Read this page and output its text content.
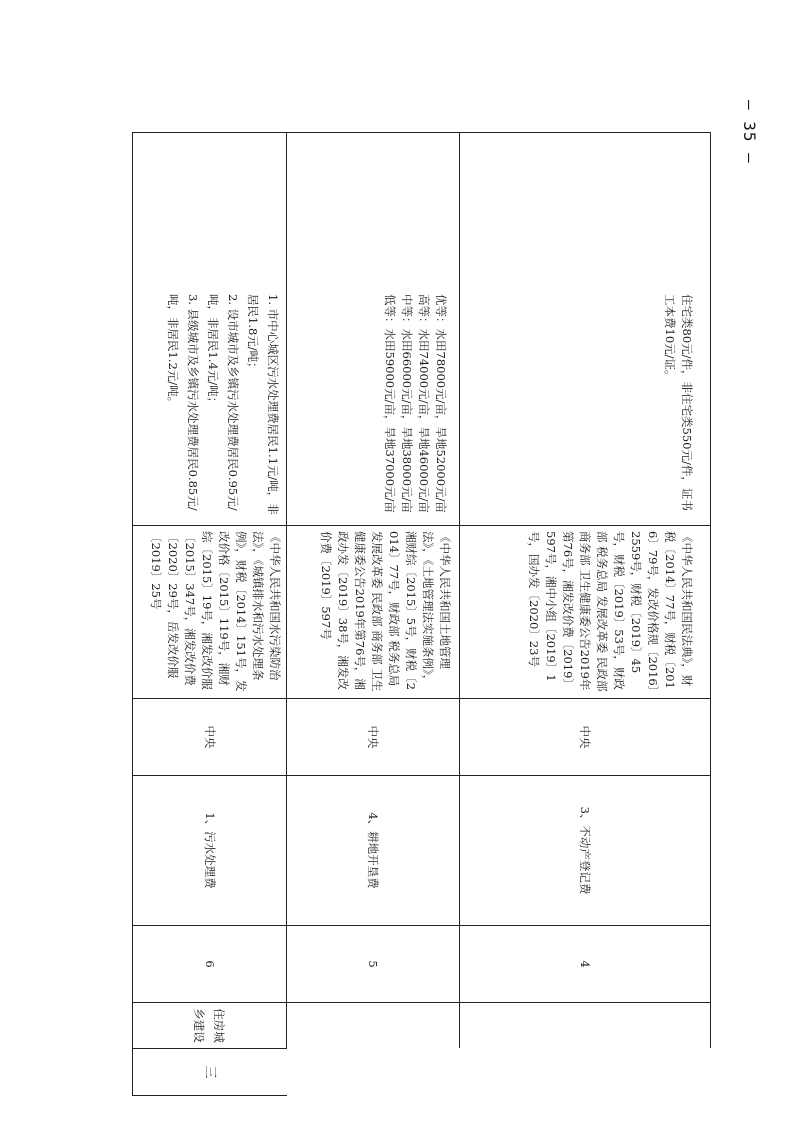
— 35 —
三
住房城乡建设
4
3、不动产登记费
中央
《中华人民共和国民法典》，财税〔2014〕77号，财税〔2016〕79号，发改价格规〔2016〕2559号，财税〔2019〕45号，财税〔2019〕53号，财政部 税务总局 发展改革委 民政部 商务部 卫生健康委公告2019年第76号，湘发改价费〔2019〕597号，湘中小组〔2019〕1号，国办发〔2020〕23号
住宅类80元/件，非住宅类550元/件，证书工本费10元/证。
5
4、耕地开垦费
中央
《中华人民共和国土地管理法》，《土地管理法实施条例》，湘财综〔2015〕5号，财税〔2014〕77号，财政部 税务总局 发展改革委 民政部 商务部 卫生健康委公告2019年第76号，湘政办发〔2019〕38号，湘发改价费〔2019〕597号
优等：水田78000元/亩，旱地52000元/亩
高等：水田74000元/亩，旱地46000元/亩
中等：水田66000元/亩，旱地38000元/亩
低等：水田59000元/亩，旱地37000元/亩
6
1、污水处理费
中央
《中华人民共和国水污染防治法》，《城镇排水和污水处理条例》，财税〔2014〕151号，发改价格〔2015〕119号，湘财综〔2015〕19号，湘发改价服〔2015〕347号，湘发改价费〔2020〕29号，岳发改价服〔2019〕25号
1. 市中心城区污水处理费居民1.1元/吨，非居民1.8元/吨；
2. 设市城市及乡镇污水处理费居民0.95元/吨，非居民1.4元/吨；
3. 县级城市及乡镇污水处理费居民0.85元/吨，非居民1.2元/吨。
